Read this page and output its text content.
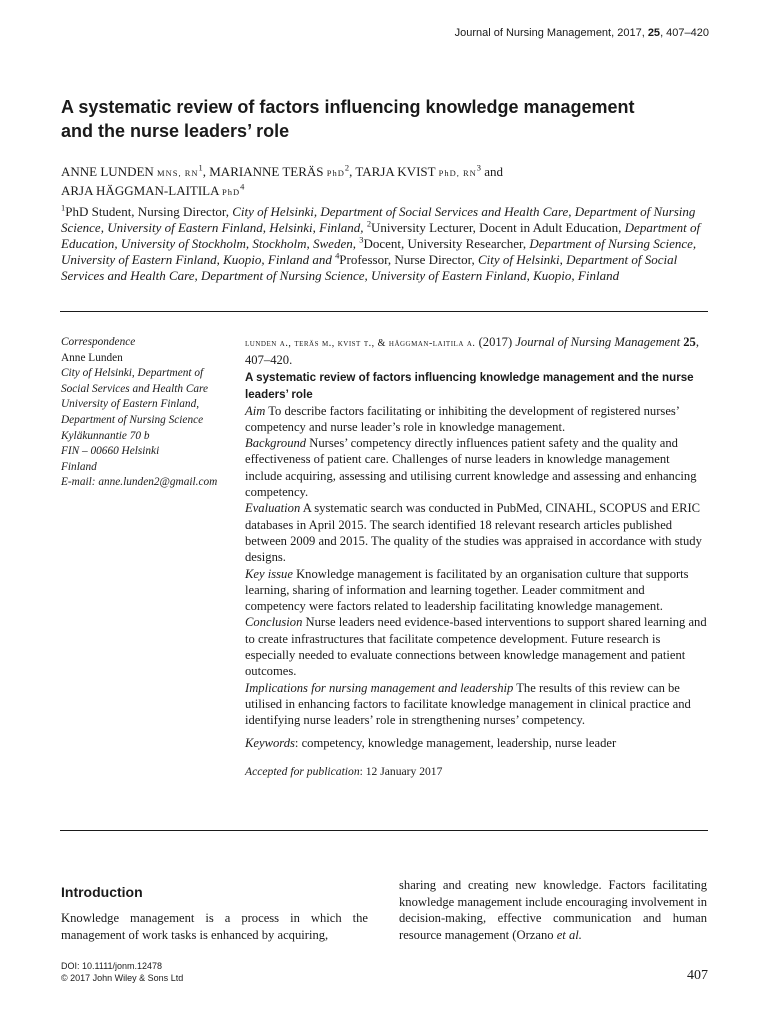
Journal of Nursing Management, 2017, 25, 407–420
A systematic review of factors influencing knowledge management and the nurse leaders’ role
ANNE LUNDEN MNS, $RN^1$, MARIANNE TERÄS PhD$^2$, TARJA KVIST PhD, $RN^3$ and
ARJA HÄGGMAN-LAITILA PhD$^4$
$^1$PhD Student, Nursing Director, City of Helsinki, Department of Social Services and Health Care, Department of Nursing Science, University of Eastern Finland, Helsinki, Finland, $^2$University Lecturer, Docent in Adult Education, Department of Education, University of Stockholm, Stockholm, Sweden, $^3$Docent, University Researcher, Department of Nursing Science, University of Eastern Finland, Kuopio, Finland and $^4$Professor, Nurse Director, City of Helsinki, Department of Social Services and Health Care, Department of Nursing Science, University of Eastern Finland, Kuopio, Finland
Correspondence
Anne Lunden
City of Helsinki, Department of
Social Services and Health Care
University of Eastern Finland,
Department of Nursing Science
Kyläkunnantie 70 b
FIN – 00660 Helsinki
Finland
E-mail: anne.lunden2@gmail.com

lunden a., teräs m., kvist t., & häggman-laitila a. (2017) Journal of Nursing Management 25, 407–420.

A systematic review of factors influencing knowledge management and the nurse leaders’ role

Aim To describe factors facilitating or inhibiting the development of registered nurses’ competency and nurse leader’s role in knowledge management.

Background Nurses’ competency directly influences patient safety and the quality and effectiveness of patient care. Challenges of nurse leaders in knowledge management include acquiring, assessing and utilising current knowledge and assessing and enhancing competency.

Evaluation A systematic search was conducted in PubMed, CINAHL, SCOPUS and ERIC databases in April 2015. The search identified 18 relevant research articles published between 2009 and 2015. The quality of the studies was appraised in accordance with study designs.

Key issue Knowledge management is facilitated by an organisation culture that supports learning, sharing of information and learning together. Leader commitment and competency were factors related to leadership facilitating knowledge management.

Conclusion Nurse leaders need evidence-based interventions to support shared learning and to create infrastructures that facilitate competence development. Future research is especially needed to evaluate connections between knowledge management and patient outcomes.

Implications for nursing management and leadership The results of this review can be utilised in enhancing factors to facilitate knowledge management in clinical practice and identifying nurse leaders’ role in strengthening nurses’ competency.

Keywords: competency, knowledge management, leadership, nurse leader

Accepted for publication: 12 January 2017

Introduction
Knowledge management is a process in which the management of work tasks is enhanced by acquiring,
sharing and creating new knowledge. Factors facilitating knowledge management include encouraging involvement in decision-making, effective communication and human resource management (Orzano et al.
DOI: 10.1111/jonm.12478
© 2017 John Wiley & Sons Ltd	407
